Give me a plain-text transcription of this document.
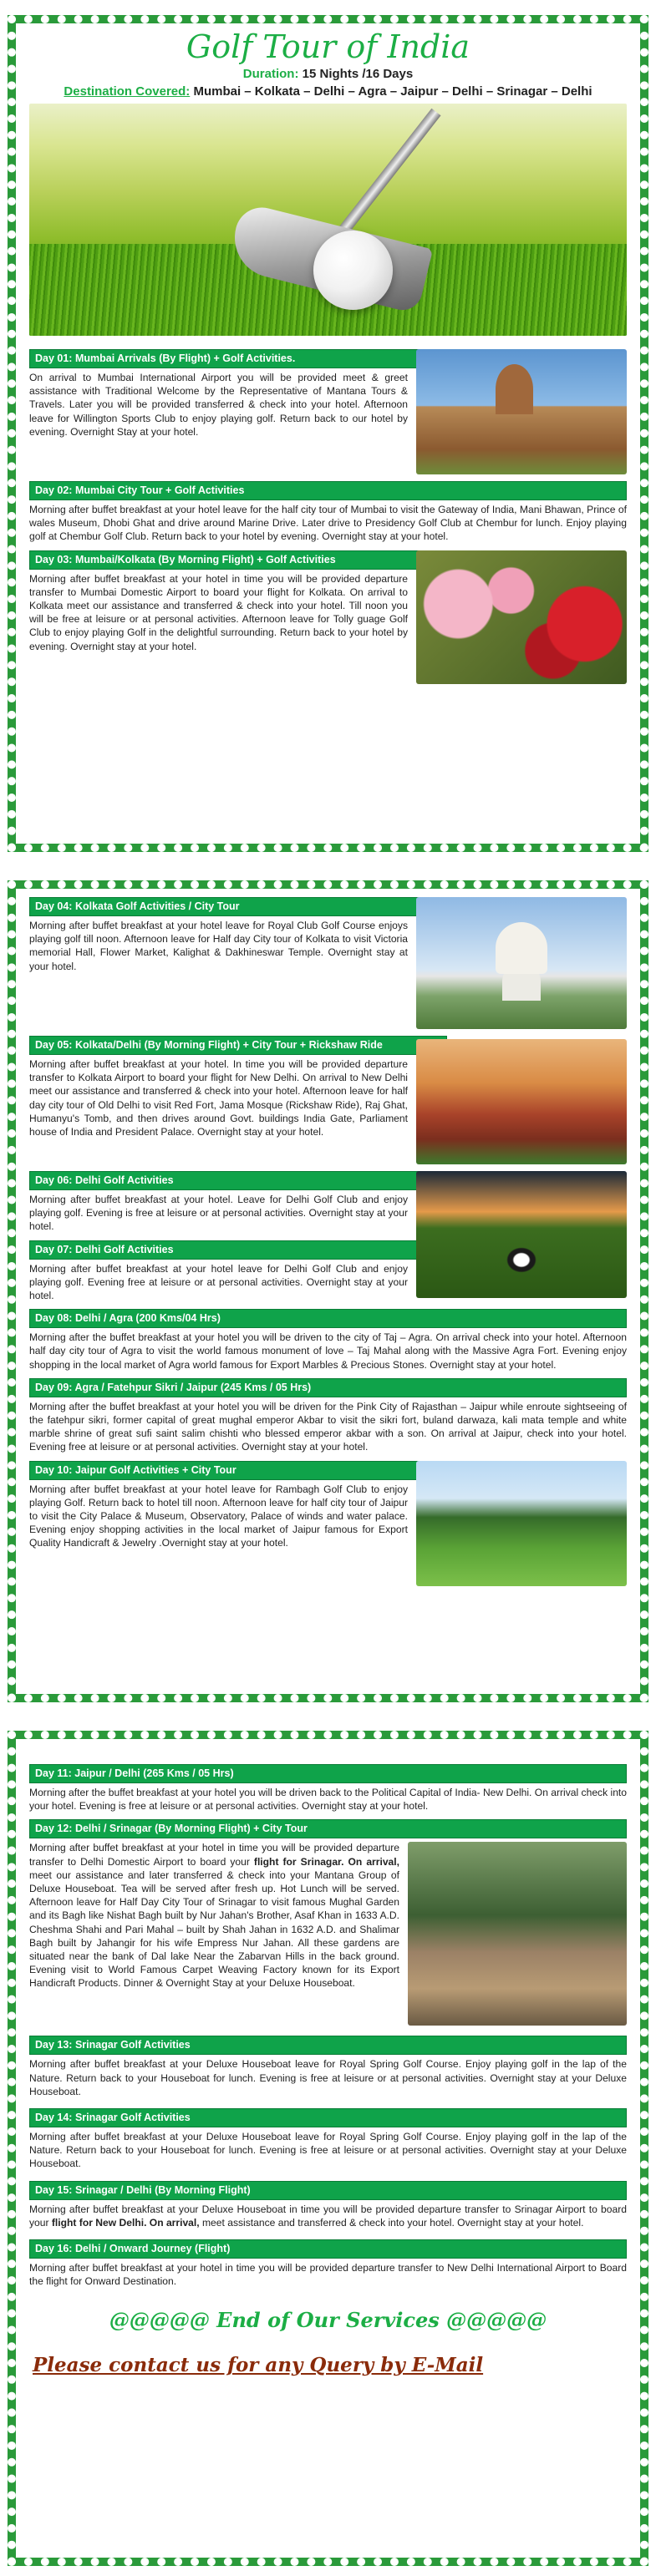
Golf Tour of India
Duration: 15 Nights /16 Days
Destination Covered: Mumbai – Kolkata – Delhi – Agra – Jaipur – Delhi – Srinagar – Delhi
Day 01: Mumbai Arrivals (By Flight) + Golf Activities.

On arrival to Mumbai International Airport you will be provided meet & greet assistance with Traditional Welcome by the Representative of Mantana Tours & Travels. Later you will be provided transferred & check into your hotel. Afternoon leave for Willington Sports Club to enjoy playing golf. Return back to our hotel by evening. Overnight Stay at your hotel.

Day 02: Mumbai City Tour + Golf Activities

Morning after buffet breakfast at your hotel leave for the half city tour of Mumbai to visit the Gateway of India, Mani Bhawan, Prince of wales Museum, Dhobi Ghat and drive around Marine Drive. Later drive to Presidency Golf Club at Chembur for lunch. Enjoy playing golf at Chembur Golf Club. Return back to your hotel by evening. Overnight stay at your hotel.

Day 03: Mumbai/Kolkata (By Morning Flight) + Golf Activities

Morning after buffet breakfast at your hotel in time you will be provided departure transfer to Mumbai Domestic Airport to board your flight for Kolkata. On arrival to Kolkata meet our assistance and transferred & check into your hotel. Till noon you will be free at leisure or at personal activities. Afternoon leave for Tolly guage Golf Club to enjoy playing Golf in the delightful surrounding. Return back to your hotel by evening. Overnight stay at your hotel.

Day 04: Kolkata Golf Activities / City Tour

Morning after buffet breakfast at your hotel leave for Royal Club Golf Course enjoys playing golf till noon. Afternoon leave for Half day City tour of Kolkata to visit Victoria memorial Hall, Flower Market, Kalighat & Dakhineswar Temple. Overnight stay at your hotel.

Day 05: Kolkata/Delhi (By Morning Flight) + City Tour + Rickshaw Ride

Morning after buffet breakfast at your hotel. In time you will be provided departure transfer to Kolkata Airport to board your flight for New Delhi. On arrival to New Delhi meet our assistance and transferred & check into your hotel. Afternoon leave for half day city tour of Old Delhi to visit Red Fort, Jama Mosque (Rickshaw Ride), Raj Ghat, Humanyu's Tomb, and then drives around Govt. buildings India Gate, Parliament house of India and President Palace. Overnight stay at your hotel.

Day 06: Delhi Golf Activities

Morning after buffet breakfast at your hotel. Leave for Delhi Golf Club and enjoy playing golf. Evening is free at leisure or at personal activities. Overnight stay at your hotel.

Day 07: Delhi Golf Activities

Morning after buffet breakfast at your hotel leave for Delhi Golf Club and enjoy playing golf. Evening free at leisure or at personal activities. Overnight stay at your hotel.

Day 08: Delhi / Agra (200 Kms/04 Hrs)

Morning after the buffet breakfast at your hotel you will be driven to the city of Taj – Agra. On arrival check into your hotel. Afternoon half day city tour of Agra to visit the world famous monument of love – Taj Mahal along with the Massive Agra Fort. Evening enjoy shopping in the local market of Agra world famous for Export Marbles & Precious Stones. Overnight stay at your hotel.

Day 09: Agra / Fatehpur Sikri / Jaipur (245 Kms / 05 Hrs)

Morning after the buffet breakfast at your hotel you will be driven for the Pink City of Rajasthan – Jaipur while enroute sightseeing of the fatehpur sikri, former capital of great mughal emperor Akbar to visit the sikri fort, buland darwaza, kali mata temple and white marble shrine of great sufi saint salim chishti who blessed emperor akbar with a son. On arrival at Jaipur, check into your hotel. Evening free at leisure or at personal activities. Overnight stay at your hotel.

Day 10: Jaipur Golf Activities + City Tour

Morning after buffet breakfast at your hotel leave for Rambagh Golf Club to enjoy playing Golf. Return back to hotel till noon. Afternoon leave for half city tour of Jaipur to visit the City Palace & Museum, Observatory, Palace of winds and water palace. Evening enjoy shopping activities in the local market of Jaipur famous for Export Quality Handicraft & Jewelry .Overnight stay at your hotel.

Day 11: Jaipur / Delhi (265 Kms / 05 Hrs)

Morning after the buffet breakfast at your hotel you will be driven back to the Political Capital of India- New Delhi. On arrival check into your hotel. Evening is free at leisure or at personal activities. Overnight stay at your hotel.

Day 12: Delhi / Srinagar (By Morning Flight) + City Tour

Morning after buffet breakfast at your hotel in time you will be provided departure transfer to Delhi Domestic Airport to board your flight for Srinagar. On arrival, meet our assistance and later transferred & check into your Mantana Group of Deluxe Houseboat. Tea will be served after fresh up. Hot Lunch will be served. Afternoon leave for Half Day City Tour of Srinagar to visit famous Mughal Garden and its Bagh like Nishat Bagh built by Nur Jahan's Brother, Asaf Khan in 1633 A.D. Cheshma Shahi and Pari Mahal – built by Shah Jahan in 1632 A.D. and Shalimar Bagh built by Jahangir for his wife Empress Nur Jahan. All these gardens are situated near the bank of Dal lake Near the Zabarvan Hills in the back ground. Evening visit to World Famous Carpet Weaving Factory known for its Export Handicraft Products. Dinner & Overnight Stay at your Deluxe Houseboat.

Day 13: Srinagar Golf Activities

Morning after buffet breakfast at your Deluxe Houseboat leave for Royal Spring Golf Course. Enjoy playing golf in the lap of the Nature. Return back to your Houseboat for lunch. Evening is free at leisure or at personal activities. Overnight stay at your Deluxe Houseboat.

Day 14: Srinagar Golf Activities

Morning after buffet breakfast at your Deluxe Houseboat leave for Royal Spring Golf Course. Enjoy playing golf in the lap of the Nature. Return back to your Houseboat for lunch. Evening is free at leisure or at personal activities. Overnight stay at your Deluxe Houseboat.

Day 15: Srinagar / Delhi (By Morning Flight)

Morning after buffet breakfast at your Deluxe Houseboat in time you will be provided departure transfer to Srinagar Airport to board your flight for New Delhi. On arrival, meet assistance and transferred & check into your hotel. Overnight stay at your hotel.

Day 16: Delhi / Onward Journey (Flight)

Morning after buffet breakfast at your hotel in time you will be provided departure transfer to New Delhi International Airport to Board the flight for Onward Destination.

@@@@@ End of Our Services @@@@@
Please contact us for any Query by E-Mail
